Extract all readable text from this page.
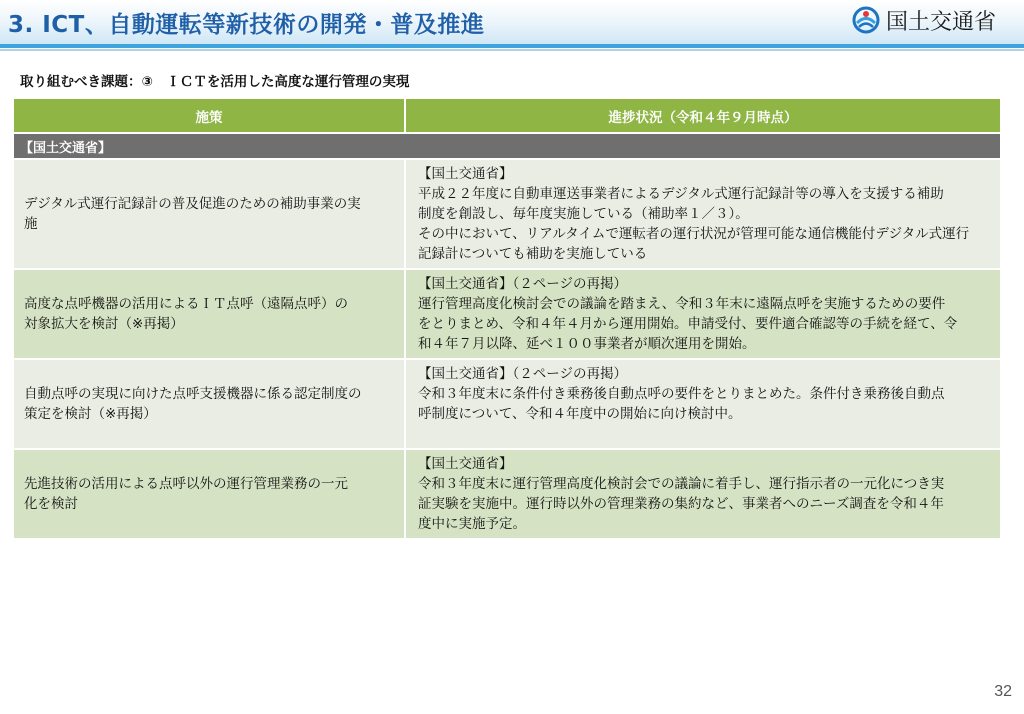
3. ICT、自動運転等新技術の開発・普及推進	国土交通省
取り組むべき課題：③　ＩＣＴを活用した高度な運行管理の実現
施策	進捗状況（令和４年９月時点）
【国土交通省】	

デジタル式運行記録計の普及促進のための補助事業の実
施	【国土交通省】
平成２２年度に自動車運送事業者によるデジタル式運行記録計等の導入を支援する補助
制度を創設し、毎年度実施している（補助率１／３）。
その中において、リアルタイムで運転者の運行状況が管理可能な通信機能付デジタル式運行
記録計についても補助を実施している

高度な点呼機器の活用によるＩＴ点呼（遠隔点呼）の
対象拡大を検討（※再掲）	【国土交通省】（２ページの再掲）
運行管理高度化検討会での議論を踏まえ、令和３年末に遠隔点呼を実施するための要件
をとりまとめ、令和４年４月から運用開始。申請受付、要件適合確認等の手続を経て、令
和４年７月以降、延べ１００事業者が順次運用を開始。

自動点呼の実現に向けた点呼支援機器に係る認定制度の
策定を検討（※再掲）	【国土交通省】（２ページの再掲）
令和３年度末に条件付き乗務後自動点呼の要件をとりまとめた。条件付き乗務後自動点
呼制度について、令和４年度中の開始に向け検討中。

先進技術の活用による点呼以外の運行管理業務の一元
化を検討	【国土交通省】
令和３年度末に運行管理高度化検討会での議論に着手し、運行指示者の一元化につき実
証実験を実施中。運行時以外の管理業務の集約など、事業者へのニーズ調査を令和４年
度中に実施予定。
32
